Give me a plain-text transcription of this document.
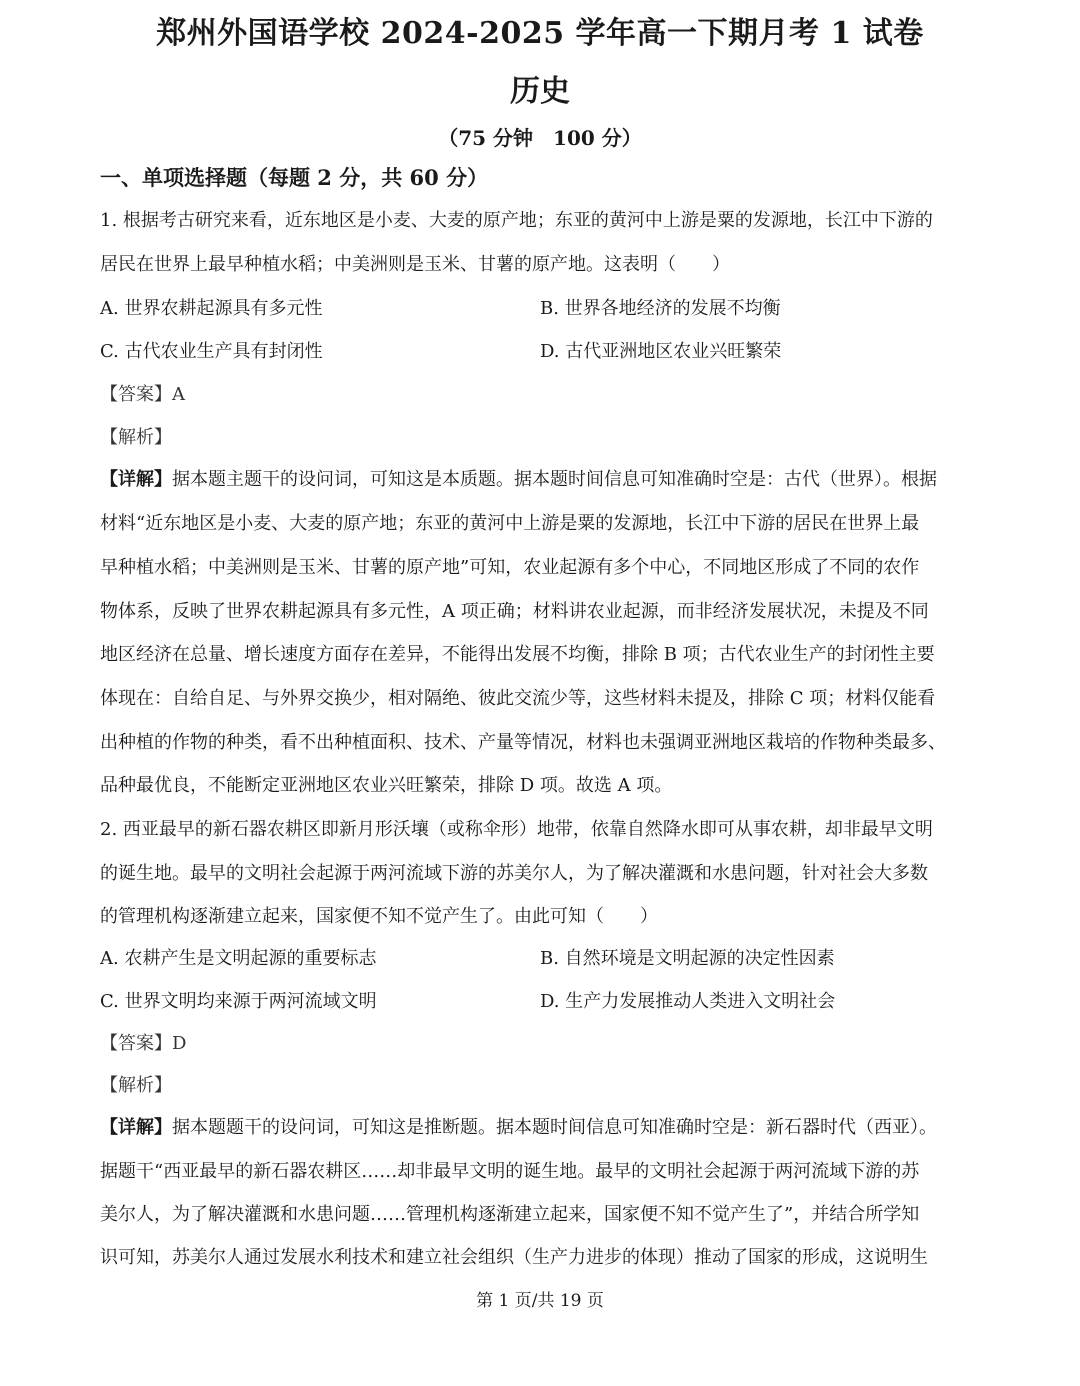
郑州外国语学校 2024-2025 学年高一下期月考 1 试卷
历史
（75 分钟　100 分）
一、单项选择题（每题 2 分，共 60 分）
1. 根据考古研究来看，近东地区是小麦、大麦的原产地；东亚的黄河中上游是粟的发源地，长江中下游的
居民在世界上最早种植水稻；中美洲则是玉米、甘薯的原产地。这表明（　　）
A. 世界农耕起源具有多元性	B. 世界各地经济的发展不均衡
C. 古代农业生产具有封闭性	D. 古代亚洲地区农业兴旺繁荣
【答案】A
【解析】
【详解】据本题主题干的设问词，可知这是本质题。据本题时间信息可知准确时空是：古代（世界）。根据
材料“近东地区是小麦、大麦的原产地；东亚的黄河中上游是粟的发源地，长江中下游的居民在世界上最
早种植水稻；中美洲则是玉米、甘薯的原产地”可知，农业起源有多个中心，不同地区形成了不同的农作
物体系，反映了世界农耕起源具有多元性，A 项正确；材料讲农业起源，而非经济发展状况，未提及不同
地区经济在总量、增长速度方面存在差异，不能得出发展不均衡，排除 B 项；古代农业生产的封闭性主要
体现在：自给自足、与外界交换少，相对隔绝、彼此交流少等，这些材料未提及，排除 C 项；材料仅能看
出种植的作物的种类，看不出种植面积、技术、产量等情况，材料也未强调亚洲地区栽培的作物种类最多、
品种最优良，不能断定亚洲地区农业兴旺繁荣，排除 D 项。故选 A 项。
2. 西亚最早的新石器农耕区即新月形沃壤（或称伞形）地带，依靠自然降水即可从事农耕，却非最早文明
的诞生地。最早的文明社会起源于两河流域下游的苏美尔人，为了解决灌溉和水患问题，针对社会大多数
的管理机构逐渐建立起来，国家便不知不觉产生了。由此可知（　　）
A. 农耕产生是文明起源的重要标志	B. 自然环境是文明起源的决定性因素
C. 世界文明均来源于两河流域文明	D. 生产力发展推动人类进入文明社会
【答案】D
【解析】
【详解】据本题题干的设问词，可知这是推断题。据本题时间信息可知准确时空是：新石器时代（西亚）。
据题干“西亚最早的新石器农耕区……却非最早文明的诞生地。最早的文明社会起源于两河流域下游的苏
美尔人，为了解决灌溉和水患问题……管理机构逐渐建立起来，国家便不知不觉产生了”，并结合所学知
识可知，苏美尔人通过发展水利技术和建立社会组织（生产力进步的体现）推动了国家的形成，这说明生
第 1 页/共 19 页
